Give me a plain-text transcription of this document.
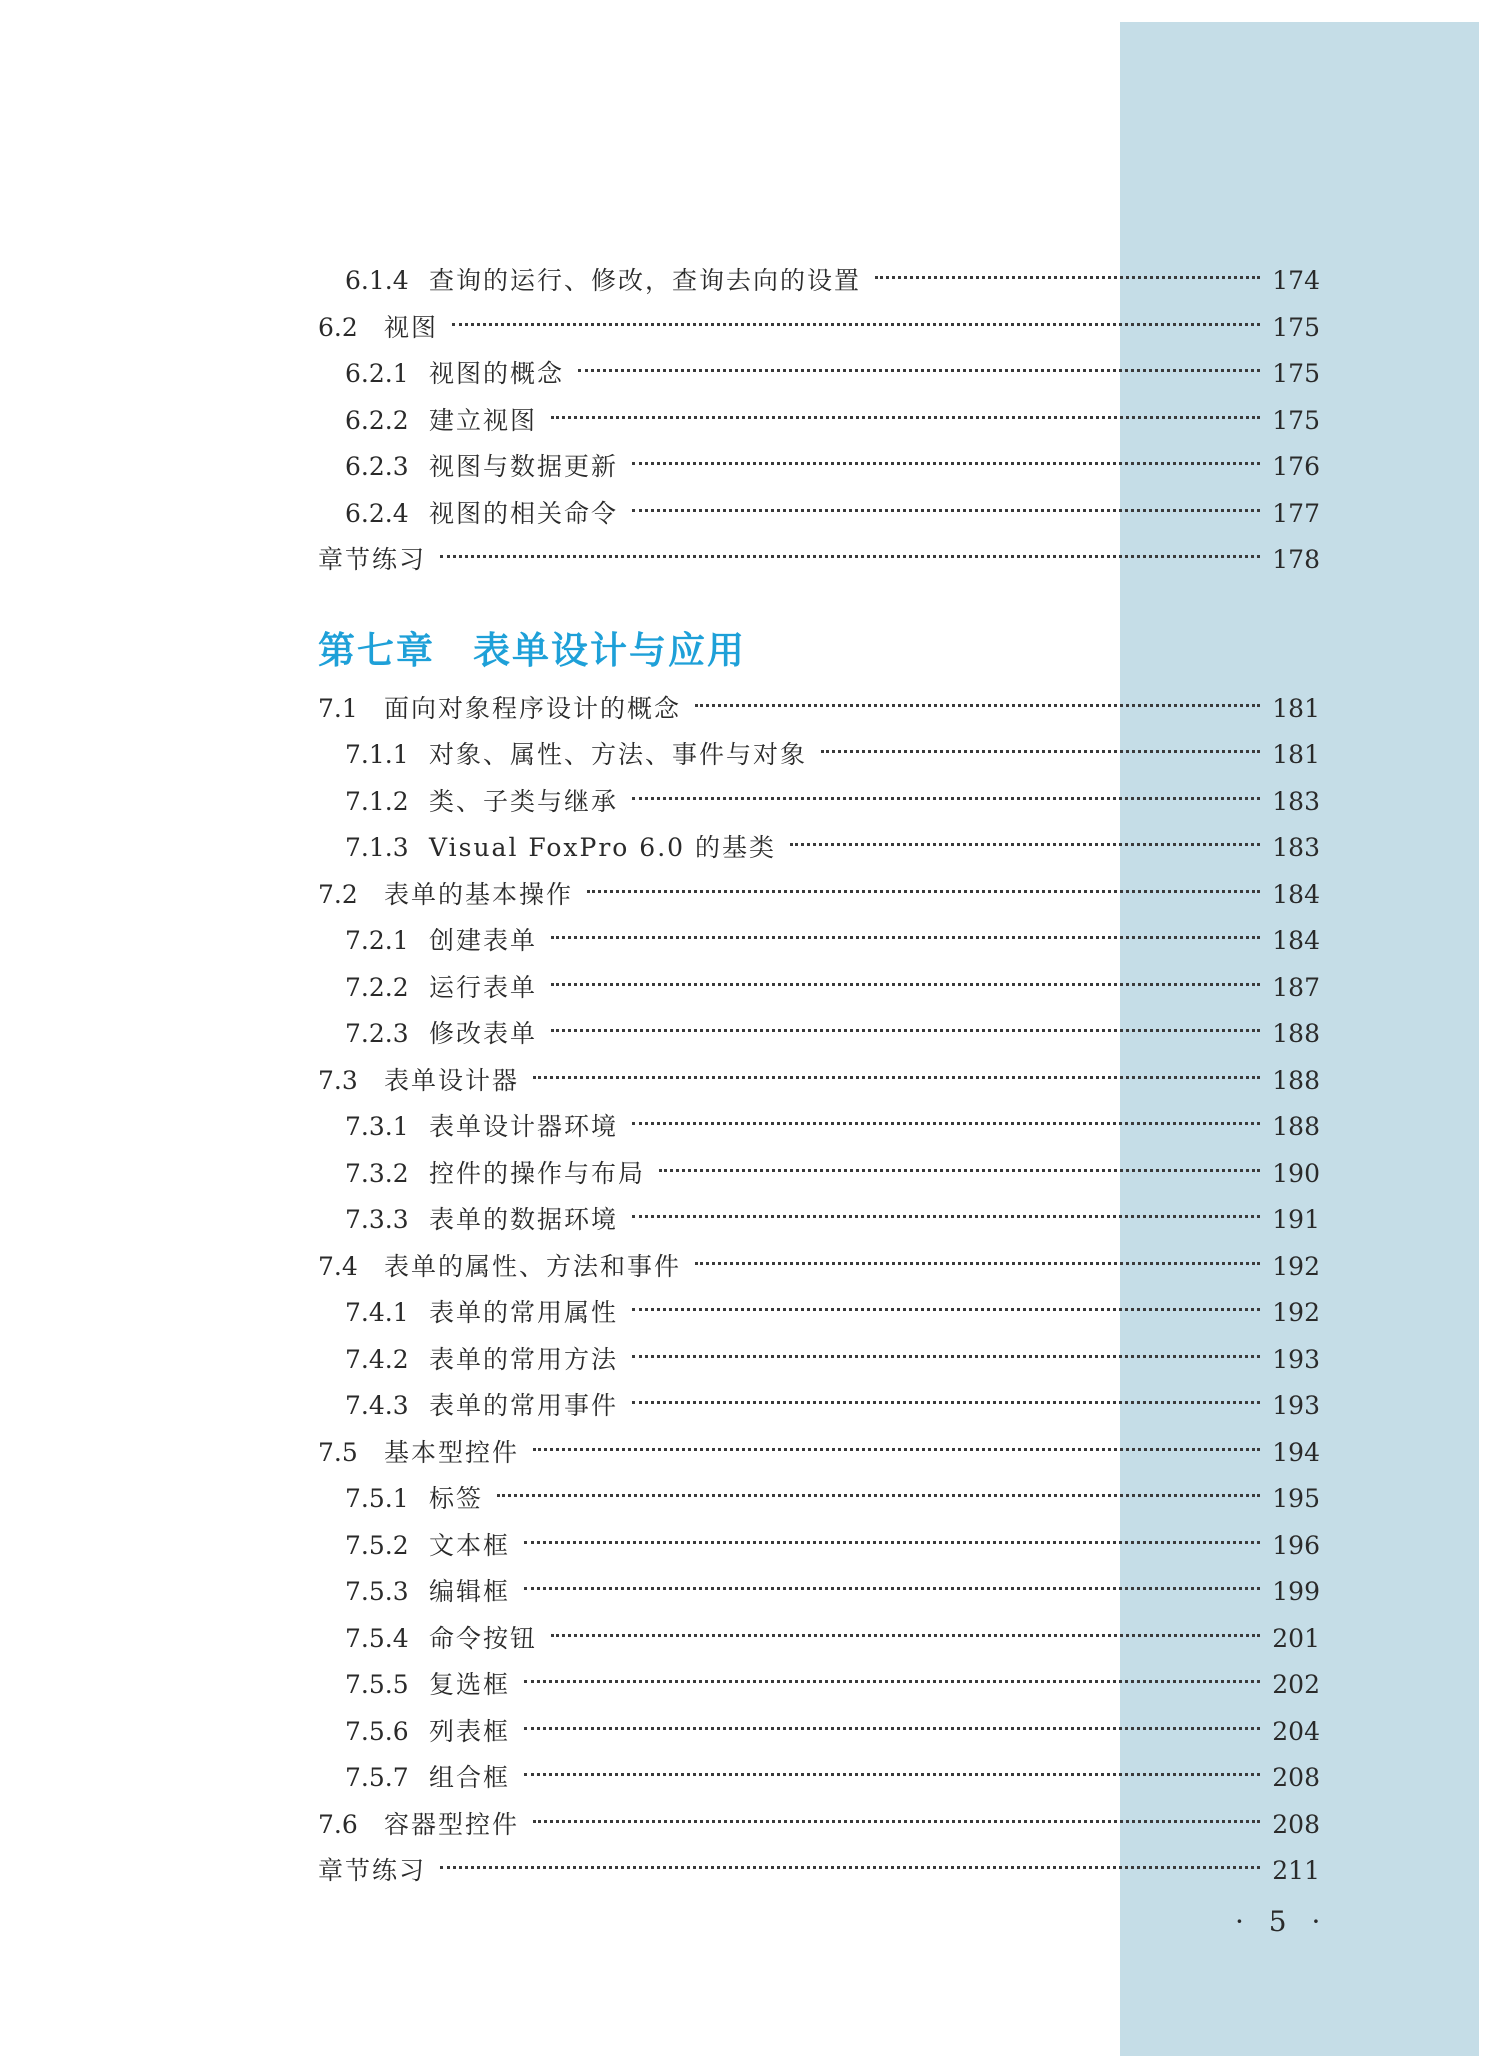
6.1.4 查询的运行、修改，查询去向的设置	174
6.2	视图	175
6.2.1 视图的概念	175
6.2.2 建立视图	175
6.2.3 视图与数据更新	176
6.2.4 视图的相关命令	177
章节练习	178
第七章 表单设计与应用
7.1	面向对象程序设计的概念	181
7.1.1 对象、属性、方法、事件与对象	181
7.1.2 类、子类与继承	183
7.1.3 Visual FoxPro 6.0 的基类	183
7.2	表单的基本操作	184
7.2.1 创建表单	184
7.2.2 运行表单	187
7.2.3 修改表单	188
7.3	表单设计器	188
7.3.1 表单设计器环境	188
7.3.2 控件的操作与布局	190
7.3.3 表单的数据环境	191
7.4	表单的属性、方法和事件	192
7.4.1 表单的常用属性	192
7.4.2 表单的常用方法	193
7.4.3 表单的常用事件	193
7.5	基本型控件	194
7.5.1 标签	195
7.5.2 文本框	196
7.5.3 编辑框	199
7.5.4 命令按钮	201
7.5.5 复选框	202
7.5.6 列表框	204
7.5.7 组合框	208
7.6	容器型控件	208
章节练习	211
· 5 ·
